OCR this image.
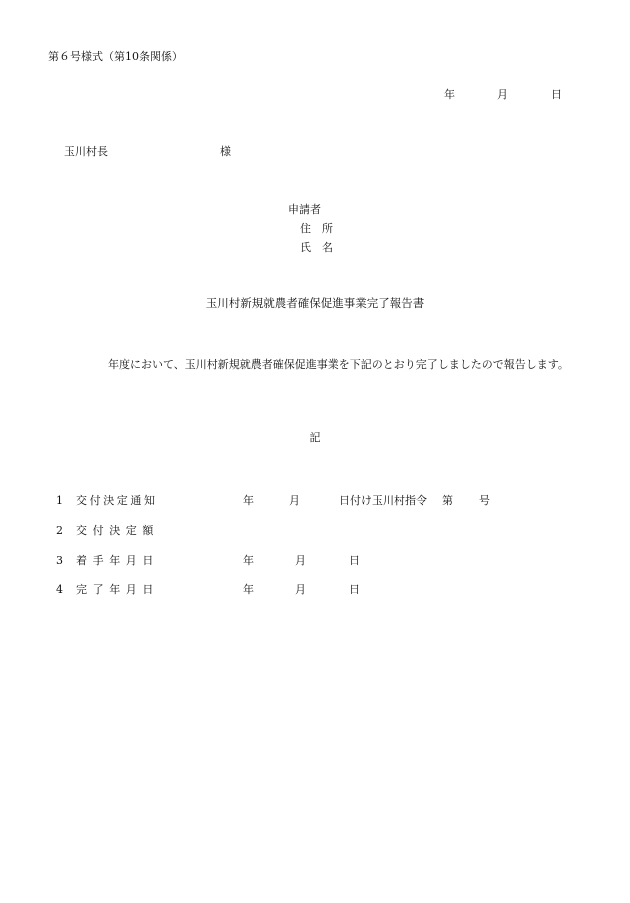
第６号様式（第10条関係）
年	月	日
玉川村長	様
申請者
住　所
氏　名
玉川村新規就農者確保促進事業完了報告書
年度において、玉川村新規就農者確保促進事業を下記のとおり完了しましたので報告します。
記
1 交付決定通知	年	月	日付け玉川村指令 第 号
2 交付決定額
3 着手年月日	年	月	日
4 完了年月日	年	月	日
